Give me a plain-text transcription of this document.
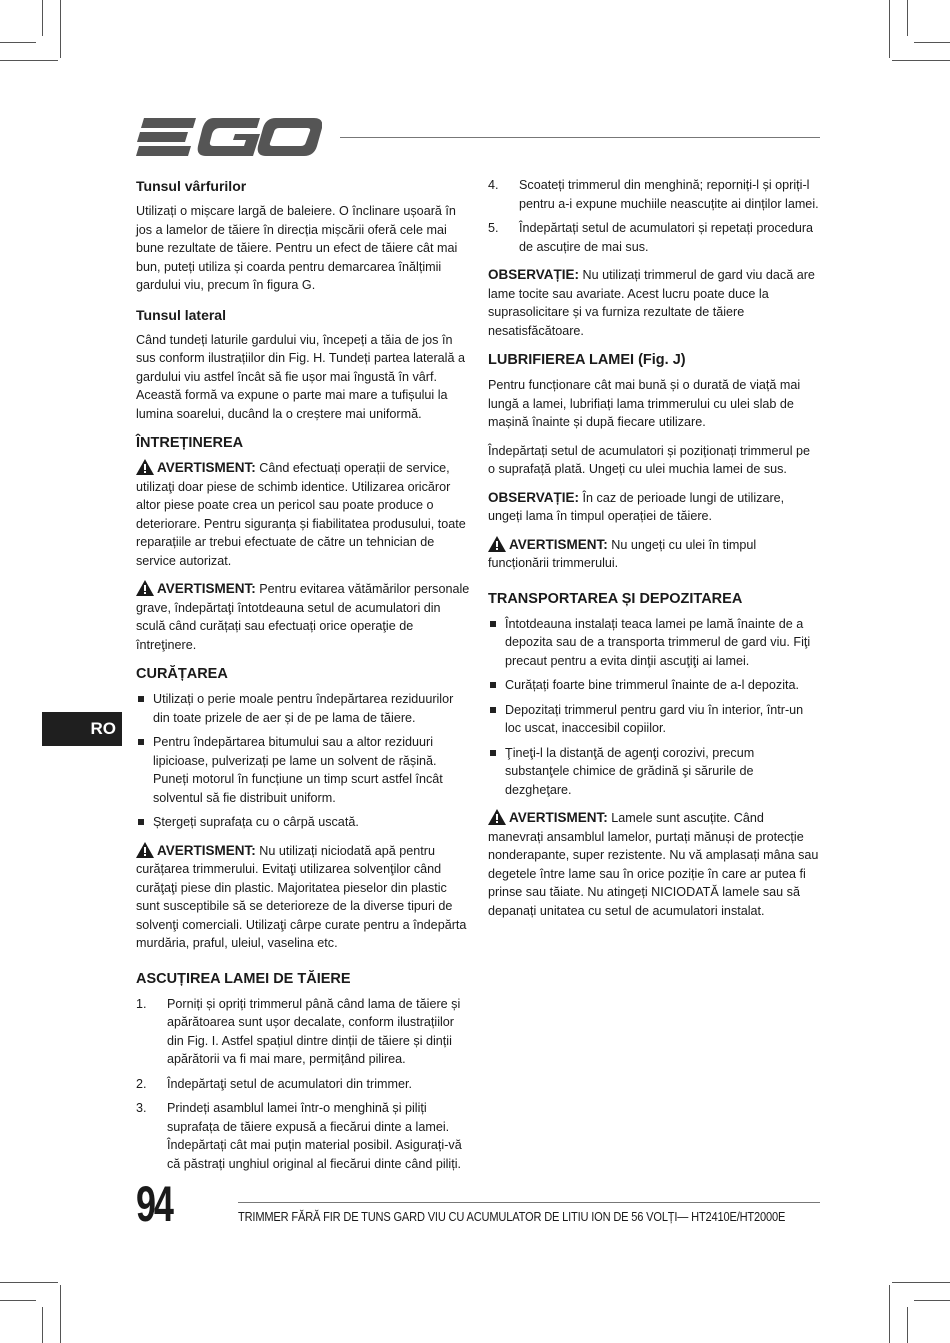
Tunsul vârfurilor

Utilizați o mișcare largă de baleiere. O înclinare ușoară în jos a lamelor de tăiere în direcția mișcării oferă cele mai bune rezultate de tăiere. Pentru un efect de tăiere cât mai bun, puteți utiliza și coarda pentru demarcarea înălțimii gardului viu, precum în figura G.

Tunsul lateral

Când tundeți laturile gardului viu, începeți a tăia de jos în sus conform ilustrațiilor din Fig. H. Tundeți partea laterală a gardului viu astfel încât să fie ușor mai îngustă în vârf. Această formă va expune o parte mai mare a tufișului la lumina soarelui, ducând la o creștere mai uniformă.

ÎNTREȚINEREA

AVERTISMENT: Când efectuați operații de service, utilizaţi doar piese de schimb identice. Utilizarea oricăror altor piese poate crea un pericol sau poate produce o deteriorare. Pentru siguranța și fiabilitatea produsului, toate reparațiile ar trebui efectuate de către un tehnician de service autorizat.

AVERTISMENT: Pentru evitarea vătămărilor personale grave, îndepărtaţi întotdeauna setul de acumulatori din sculă când curățați sau efectuați orice operaţie de întreţinere.

CURĂȚAREA
Utilizați o perie moale pentru îndepărtarea reziduurilor din toate prizele de aer și de pe lama de tăiere.
Pentru îndepărtarea bitumului sau a altor reziduuri lipicioase, pulverizați pe lame un solvent de rășină. Puneți motorul în funcțiune un timp scurt astfel încât solventul să fie distribuit uniform.
Ștergeți suprafața cu o cârpă uscată.

AVERTISMENT: Nu utilizați niciodată apă pentru curățarea trimmerului. Evitaţi utilizarea solvenţilor când curăţaţi piese din plastic. Majoritatea pieselor din plastic sunt susceptibile să se deterioreze de la diverse tipuri de solvenţi comerciali. Utilizaţi cârpe curate pentru a îndepărta murdăria, praful, uleiul, vaselina etc.

ASCUȚIREA LAMEI DE TĂIERE
1. Porniți și opriți trimmerul până când lama de tăiere și apărătoarea sunt ușor decalate, conform ilustrațiilor din Fig. I. Astfel spațiul dintre dinții de tăiere și dinții apărătorii va fi mai mare, permițând pilirea.
2. Îndepărtaţi setul de acumulatori din trimmer.
3. Prindeți asamblul lamei într-o menghină și piliți suprafața de tăiere expusă a fiecărui dinte a lamei. Îndepărtați cât mai puțin material posibil. Asigurați-vă că păstrați unghiul original al fiecărui dinte când piliți.
4. Scoateți trimmerul din menghină; reporniți-l și opriți-l pentru a-i expune muchiile neascuțite ai dinților lamei.
5. Îndepărtați setul de acumulatori și repetați procedura de ascuțire de mai sus.

OBSERVAȚIE: Nu utilizați trimmerul de gard viu dacă are lame tocite sau avariate. Acest lucru poate duce la suprasolicitare și va furniza rezultate de tăiere nesatisfăcătoare.

LUBRIFIEREA LAMEI (Fig. J)

Pentru funcționare cât mai bună și o durată de viață mai lungă a lamei, lubrifiați lama trimmerului cu ulei slab de mașină înainte și după fiecare utilizare.

Îndepărtați setul de acumulatori și poziționați trimmerul pe o suprafață plată. Ungeți cu ulei muchia lamei de sus.

OBSERVAȚIE: În caz de perioade lungi de utilizare, ungeți lama în timpul operației de tăiere.

AVERTISMENT: Nu ungeți cu ulei în timpul funcționării trimmerului.

TRANSPORTAREA ȘI DEPOZITAREA
Întotdeauna instalați teaca lamei pe lamă înainte de a depozita sau de a transporta trimmerul de gard viu. Fiţi precaut pentru a evita dinţii ascuţiţi ai lamei.
Curățați foarte bine trimmerul înainte de a-l depozita.
Depozitați trimmerul pentru gard viu în interior, într-un loc uscat, inaccesibil copiilor.
Ţineţi-l la distanţă de agenţi corozivi, precum substanţele chimice de grădină şi sărurile de dezgheţare.

AVERTISMENT: Lamele sunt ascuțite. Când manevrați ansamblul lamelor, purtați mănuși de protecție nonderapante, super rezistente. Nu vă amplasați mâna sau degetele între lame sau în orice poziție în care ar putea fi prinse sau tăiate. Nu atingeți NICIODATĂ lamele sau să depanați unitatea cu setul de acumulatori instalat.

RO
94	TRIMMER FĂRĂ FIR DE TUNS GARD VIU CU ACUMULATOR DE LITIU ION DE 56 VOLȚI— HT2410E/HT2000E
